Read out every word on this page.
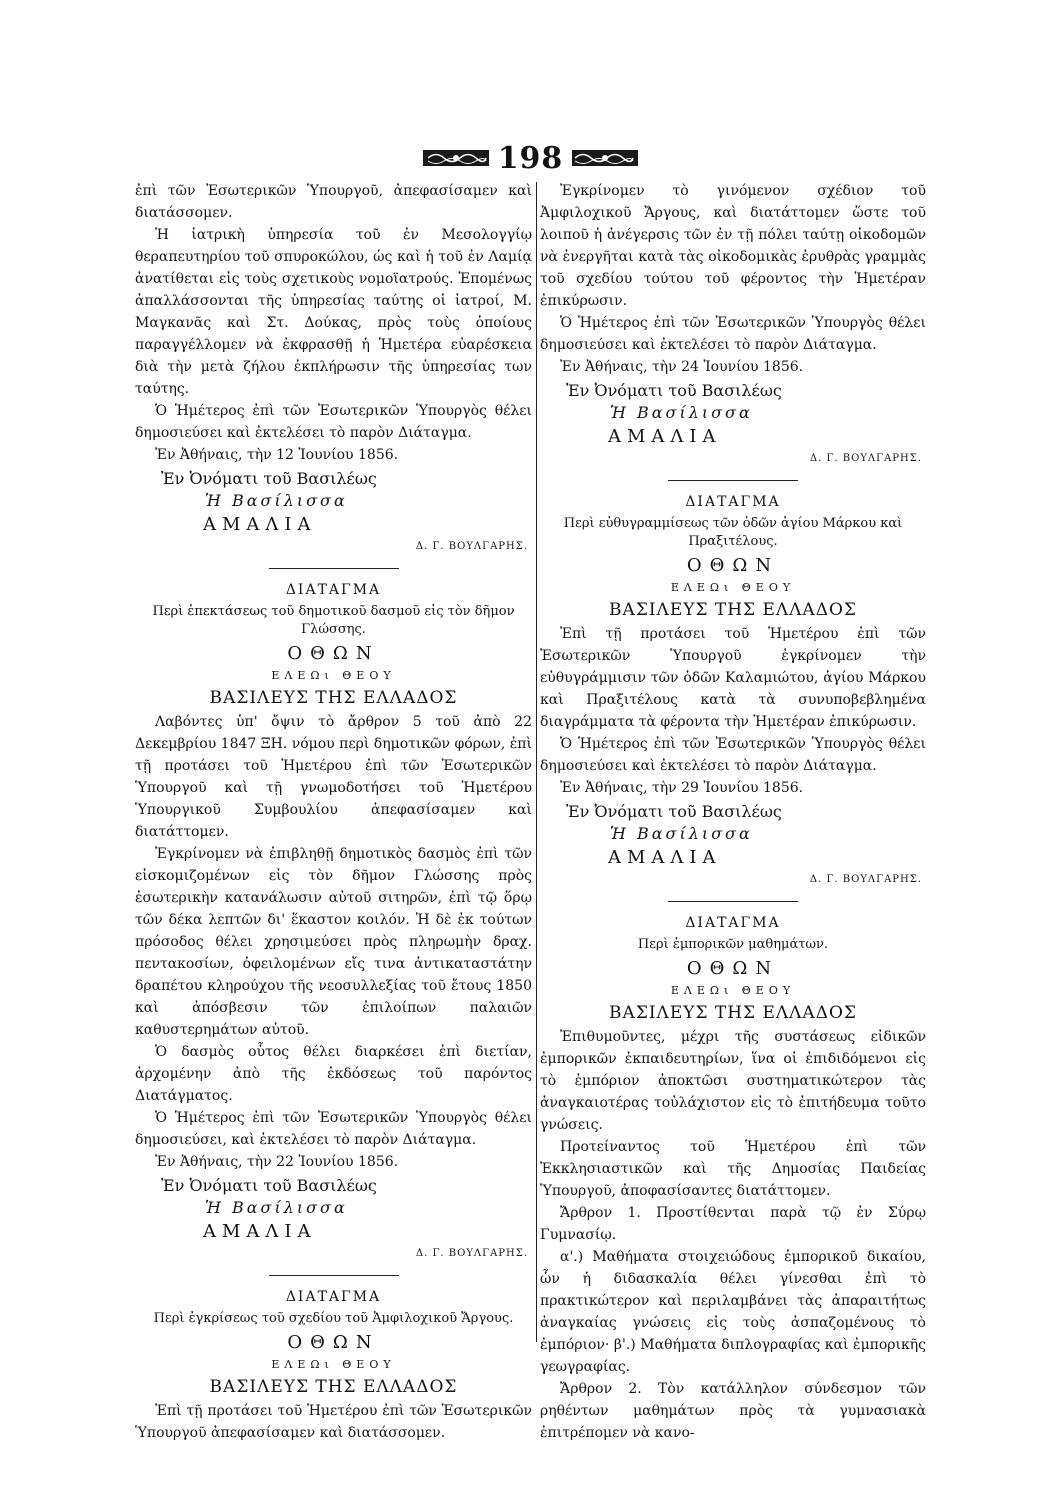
198

ἐπὶ τῶν Ἐσωτερικῶν Ὑπουργοῦ, ἀπεφασίσαμεν καὶ διατάσσομεν.

Ἡ ἰατρικὴ ὑπηρεσία τοῦ ἐν Μεσολογγίῳ θεραπευτηρίου τοῦ σπυροκώλου, ὡς καὶ ἡ τοῦ ἐν Λαμίᾳ ἀνατίθεται εἰς τοὺς σχετικοὺς νομοϊατρούς. Ἑπομένως ἀπαλλάσσονται τῆς ὑπηρεσίας ταύτης οἱ ἰατροί, Μ. Μαγκανᾶς καὶ Στ. Δούκας, πρὸς τοὺς ὁποίους παραγγέλλομεν νὰ ἐκφρασθῇ ἡ Ἡμετέρα εὐαρέσκεια διὰ τὴν μετὰ ζήλου ἐκπλήρωσιν τῆς ὑπηρεσίας των ταύτης.

Ὁ Ἡμέτερος ἐπὶ τῶν Ἐσωτερικῶν Ὑπουργὸς θέλει δημοσιεύσει καὶ ἐκτελέσει τὸ παρὸν Διάταγμα.

Ἐν Ἀθήναις, τὴν 12 Ἰουνίου 1856.

Ἐν Ὀνόματι τοῦ Βασιλέως
Ἡ Βασίλισσα
ΑΜΑΛΙΑ
Δ. Γ. ΒΟΥΛΓΑΡΗΣ.
ΔΙΑΤΑΓΜΑ
Περὶ ἐπεκτάσεως τοῦ δημοτικοῦ δασμοῦ εἰς τὸν δῆμον Γλώσσης.
ΟΘΩΝ
ΕΛΕΩι ΘΕΟΥ
ΒΑΣΙΛΕΥΣ ΤΗΣ ΕΛΛΑΔΟΣ

Λαβόντες ὑπ' ὄψιν τὸ ἄρθρον 5 τοῦ ἀπὸ 22 Δεκεμβρίου 1847 ΞΗ. νόμου περὶ δημοτικῶν φόρων, ἐπὶ τῇ προτάσει τοῦ Ἡμετέρου ἐπὶ τῶν Ἐσωτερικῶν Ὑπουργοῦ καὶ τῇ γνωμοδοτήσει τοῦ Ἡμετέρου Ὑπουργικοῦ Συμβουλίου ἀπεφασίσαμεν καὶ διατάττομεν.

Ἐγκρίνομεν νὰ ἐπιβληθῇ δημοτικὸς δασμὸς ἐπὶ τῶν εἰσκομιζομένων εἰς τὸν δῆμον Γλώσσης πρὸς ἐσωτερικὴν κατανάλωσιν αὐτοῦ σιτηρῶν, ἐπὶ τῷ ὅρῳ τῶν δέκα λεπτῶν δι' ἕκαστον κοιλόν. Ἡ δὲ ἐκ τούτων πρόσοδος θέλει χρησιμεύσει πρὸς πληρωμὴν δραχ. πεντακοσίων, ὀφειλομένων εἴς τινα ἀντικαταστάτην δραπέτου κληρούχου τῆς νεοσυλλεξίας τοῦ ἔτους 1850 καὶ ἀπόσβεσιν τῶν ἐπιλοίπων παλαιῶν καθυστερημάτων αὐτοῦ.

Ὁ δασμὸς οὗτος θέλει διαρκέσει ἐπὶ διετίαν, ἀρχομένην ἀπὸ τῆς ἐκδόσεως τοῦ παρόντος Διατάγματος.

Ὁ Ἡμέτερος ἐπὶ τῶν Ἐσωτερικῶν Ὑπουργὸς θέλει δημοσιεύσει, καὶ ἐκτελέσει τὸ παρὸν Διάταγμα.

Ἐν Ἀθήναις, τὴν 22 Ἰουνίου 1856.

Ἐν Ὀνόματι τοῦ Βασιλέως
Ἡ Βασίλισσα
ΑΜΑΛΙΑ
Δ. Γ. ΒΟΥΛΓΑΡΗΣ.
ΔΙΑΤΑΓΜΑ
Περὶ ἐγκρίσεως τοῦ σχεδίου τοῦ Ἀμφιλοχικοῦ Ἄργους.
ΟΘΩΝ
ΕΛΕΩι ΘΕΟΥ
ΒΑΣΙΛΕΥΣ ΤΗΣ ΕΛΛΑΔΟΣ

Ἐπὶ τῇ προτάσει τοῦ Ἡμετέρου ἐπὶ τῶν Ἐσωτερικῶν Ὑπουργοῦ ἀπεφασίσαμεν καὶ διατάσσομεν.

Ἐγκρίνομεν τὸ γινόμενον σχέδιον τοῦ Ἀμφιλοχικοῦ Ἄργους, καὶ διατάττομεν ὥστε τοῦ λοιποῦ ἡ ἀνέγερσις τῶν ἐν τῇ πόλει ταύτῃ οἰκοδομῶν νὰ ἐνεργῆται κατὰ τὰς οἰκοδομικὰς ἐρυθρὰς γραμμὰς τοῦ σχεδίου τούτου τοῦ φέροντος τὴν Ἡμετέραν ἐπικύρωσιν.

Ὁ Ἡμέτερος ἐπὶ τῶν Ἐσωτερικῶν Ὑπουργὸς θέλει δημοσιεύσει καὶ ἐκτελέσει τὸ παρὸν Διάταγμα.

Ἐν Ἀθήναις, τὴν 24 Ἰουνίου 1856.

Ἐν Ὀνόματι τοῦ Βασιλέως
Ἡ Βασίλισσα
ΑΜΑΛΙΑ
Δ. Γ. ΒΟΥΛΓΑΡΗΣ.
ΔΙΑΤΑΓΜΑ
Περὶ εὐθυγραμμίσεως τῶν ὁδῶν ἁγίου Μάρκου καὶ Πραξιτέλους.
ΟΘΩΝ
ΕΛΕΩι ΘΕΟΥ
ΒΑΣΙΛΕΥΣ ΤΗΣ ΕΛΛΑΔΟΣ

Ἐπὶ τῇ προτάσει τοῦ Ἡμετέρου ἐπὶ τῶν Ἐσωτερικῶν Ὑπουργοῦ ἐγκρίνομεν τὴν εὐθυγράμμισιν τῶν ὁδῶν Καλαμιώτου, ἁγίου Μάρκου καὶ Πραξιτέλους κατὰ τὰ συνυποβεβλημένα διαγράμματα τὰ φέροντα τὴν Ἡμετέραν ἐπικύρωσιν.

Ὁ Ἡμέτερος ἐπὶ τῶν Ἐσωτερικῶν Ὑπουργὸς θέλει δημοσιεύσει καὶ ἐκτελέσει τὸ παρὸν Διάταγμα.

Ἐν Ἀθήναις, τὴν 29 Ἰουνίου 1856.

Ἐν Ὀνόματι τοῦ Βασιλέως
Ἡ Βασίλισσα
ΑΜΑΛΙΑ
Δ. Γ. ΒΟΥΛΓΑΡΗΣ.
ΔΙΑΤΑΓΜΑ
Περὶ ἐμπορικῶν μαθημάτων.
ΟΘΩΝ
ΕΛΕΩι ΘΕΟΥ
ΒΑΣΙΛΕΥΣ ΤΗΣ ΕΛΛΑΔΟΣ

Ἐπιθυμοῦντες, μέχρι τῆς συστάσεως εἰδικῶν ἐμπορικῶν ἐκπαιδευτηρίων, ἵνα οἱ ἐπιδιδόμενοι εἰς τὸ ἐμπόριον ἀποκτῶσι συστηματικώτερον τὰς ἀναγκαιοτέρας τοὐλάχιστον εἰς τὸ ἐπιτήδευμα τοῦτο γνώσεις.

Προτείναντος τοῦ Ἡμετέρου ἐπὶ τῶν Ἐκκλησιαστικῶν καὶ τῆς Δημοσίας Παιδείας Ὑπουργοῦ, ἀποφασίσαντες διατάττομεν.

Ἄρθρον 1. Προστίθενται παρὰ τῷ ἐν Σύρῳ Γυμνασίῳ.

α'.) Μαθήματα στοιχειώδους ἐμπορικοῦ δικαίου, ὧν ἡ διδασκαλία θέλει γίνεσθαι ἐπὶ τὸ πρακτικώτερον καὶ περιλαμβάνει τὰς ἀπαραιτήτως ἀναγκαίας γνώσεις εἰς τοὺς ἀσπαζομένους τὸ ἐμπόριον· β'.) Μαθήματα διπλογραφίας καὶ ἐμπορικῆς γεωγραφίας.

Ἄρθρον 2. Τὸν κατάλληλον σύνδεσμον τῶν ρηθέντων μαθημάτων πρὸς τὰ γυμνασιακὰ ἐπιτρέπομεν νὰ κανο-
